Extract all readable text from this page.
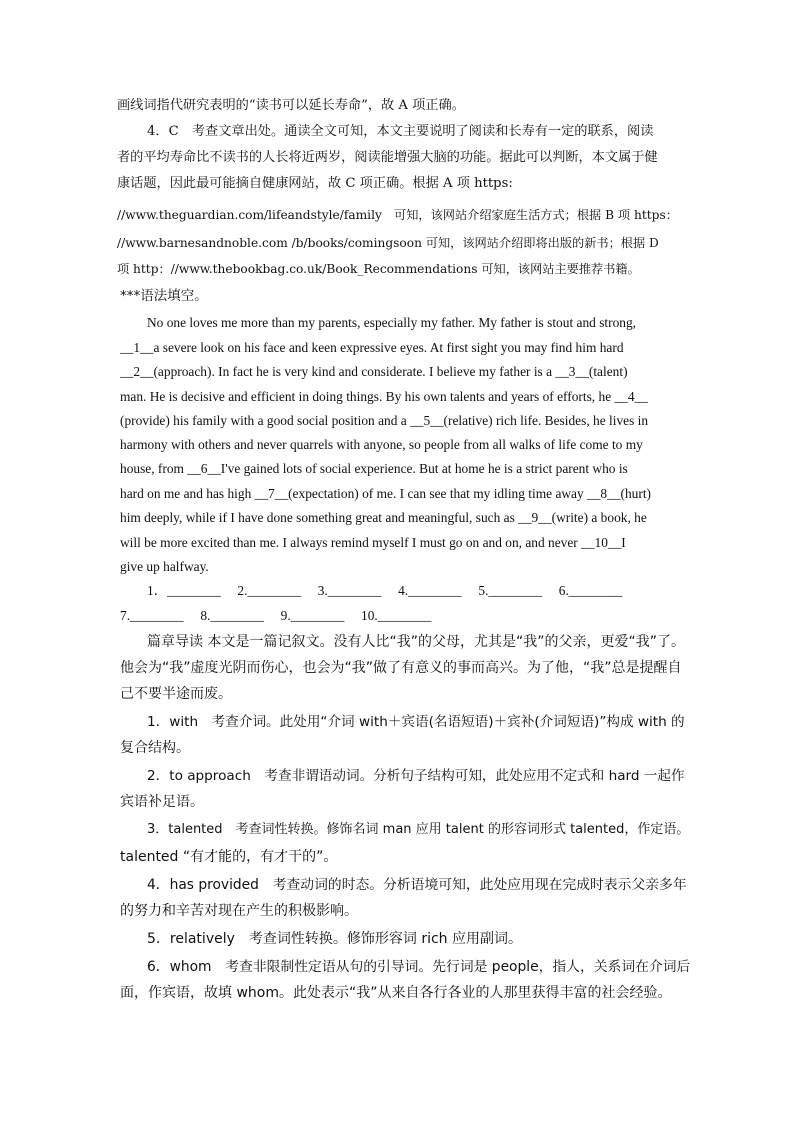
画线词指代研究表明的“读书可以延长寿命”，故 A 项正确。
4．C　考查文章出处。通读全文可知，本文主要说明了阅读和长寿有一定的联系，阅读
者的平均寿命比不读书的人长将近两岁，阅读能增强大脑的功能。据此可以判断，本文属于健
康话题，因此最可能摘自健康网站，故 C 项正确。根据 A 项 https:
//www.theguardian.com/lifeandstyle/family　可知，该网站介绍家庭生活方式；根据 B 项 https：
//www.barnesandnoble.com /b/books/comingsoon 可知，该网站介绍即将出版的新书；根据 D
项 http：//www.thebookbag.co.uk/Book_Recommendations 可知，该网站主要推荐书籍。
***语法填空。
No one loves me more than my parents, especially my father. My father is stout and strong,
__1__a severe look on his face and keen expressive eyes. At first sight you may find him hard
__2__(approach). In fact he is very kind and considerate. I believe my father is a __3__(talent)
man. He is decisive and efficient in doing things. By his own talents and years of efforts, he __4__
(provide) his family with a good social position and a __5__(relative) rich life. Besides, he lives in
harmony with others and never quarrels with anyone, so people from all walks of life come to my
house, from __6__I've gained lots of social experience. But at home he is a strict parent who is
hard on me and has high __7__(expectation) of me. I can see that my idling time away __8__(hurt)
him deeply, while if I have done something great and meaningful, such as __9__(write) a book, he
will be more excited than me. I always remind myself I must go on and on, and never __10__I
give up halfway.
1．________　 2.________　 3.________　 4.________　 5.________　 6.________
7.________　 8.________　 9.________　 10.________
篇章导读 本文是一篇记叙文。没有人比“我”的父母，尤其是“我”的父亲，更爱“我”了。
他会为“我”虚度光阴而伤心，也会为“我”做了有意义的事而高兴。为了他，“我”总是提醒自
己不要半途而废。
1．with　考查介词。此处用“介词 with＋宾语(名语短语)＋宾补(介词短语)”构成 with 的
复合结构。
2．to approach　考查非谓语动词。分析句子结构可知，此处应用不定式和 hard 一起作
宾语补足语。
3．talented　考查词性转换。修饰名词 man 应用 talent 的形容词形式 talented，作定语。
talented “有才能的，有才干的”。
4．has provided　考查动词的时态。分析语境可知，此处应用现在完成时表示父亲多年
的努力和辛苦对现在产生的积极影响。
5．relatively　考查词性转换。修饰形容词 rich 应用副词。
6．whom　考查非限制性定语从句的引导词。先行词是 people，指人，关系词在介词后
面，作宾语，故填 whom。此处表示“我”从来自各行各业的人那里获得丰富的社会经验。
